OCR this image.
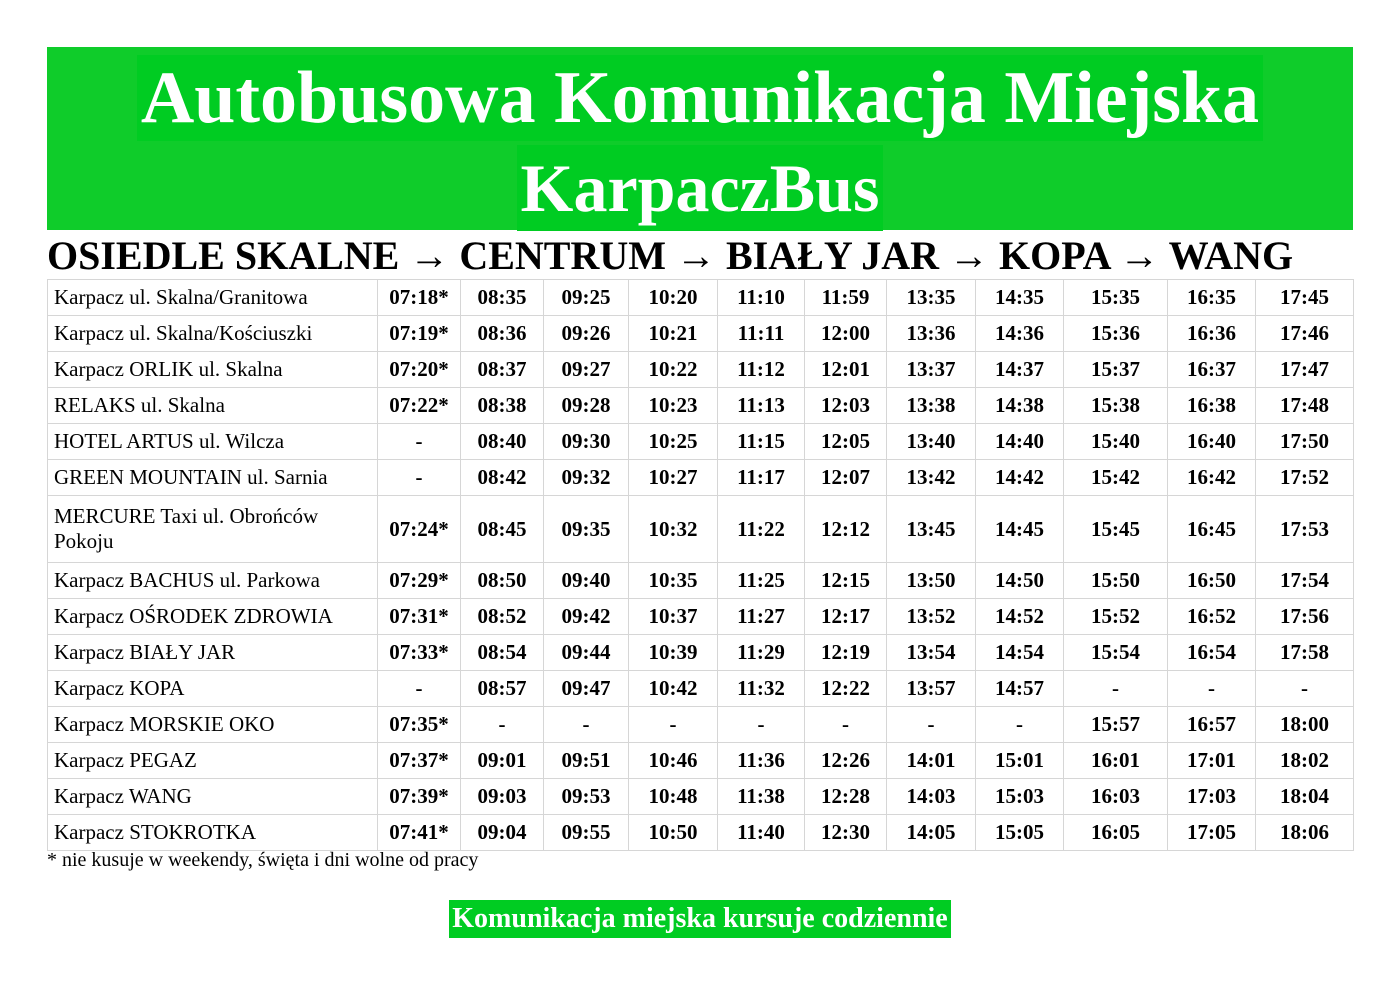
Autobusowa Komunikacja Miejska
KarpaczBus
OSIEDLE SKALNE → CENTRUM → BIAŁY JAR → KOPA → WANG
Karpacz ul. Skalna/Granitowa	07:18*	08:35	09:25	10:20	11:10	11:59	13:35	14:35	15:35	16:35	17:45
Karpacz ul. Skalna/Kościuszki	07:19*	08:36	09:26	10:21	11:11	12:00	13:36	14:36	15:36	16:36	17:46
Karpacz ORLIK ul. Skalna	07:20*	08:37	09:27	10:22	11:12	12:01	13:37	14:37	15:37	16:37	17:47
RELAKS ul. Skalna	07:22*	08:38	09:28	10:23	11:13	12:03	13:38	14:38	15:38	16:38	17:48
HOTEL ARTUS ul. Wilcza	-	08:40	09:30	10:25	11:15	12:05	13:40	14:40	15:40	16:40	17:50
GREEN MOUNTAIN ul. Sarnia	-	08:42	09:32	10:27	11:17	12:07	13:42	14:42	15:42	16:42	17:52
MERCURE Taxi ul. Obrońców Pokoju	07:24*	08:45	09:35	10:32	11:22	12:12	13:45	14:45	15:45	16:45	17:53
Karpacz BACHUS ul. Parkowa	07:29*	08:50	09:40	10:35	11:25	12:15	13:50	14:50	15:50	16:50	17:54
Karpacz OŚRODEK ZDROWIA	07:31*	08:52	09:42	10:37	11:27	12:17	13:52	14:52	15:52	16:52	17:56
Karpacz BIAŁY JAR	07:33*	08:54	09:44	10:39	11:29	12:19	13:54	14:54	15:54	16:54	17:58
Karpacz KOPA	-	08:57	09:47	10:42	11:32	12:22	13:57	14:57	-	-	-
Karpacz MORSKIE OKO	07:35*	-	-	-	-	-	-	-	15:57	16:57	18:00
Karpacz PEGAZ	07:37*	09:01	09:51	10:46	11:36	12:26	14:01	15:01	16:01	17:01	18:02
Karpacz WANG	07:39*	09:03	09:53	10:48	11:38	12:28	14:03	15:03	16:03	17:03	18:04
Karpacz STOKROTKA	07:41*	09:04	09:55	10:50	11:40	12:30	14:05	15:05	16:05	17:05	18:06
* nie kusuje w weekendy, święta i dni wolne od pracy
Komunikacja miejska kursuje codziennie
